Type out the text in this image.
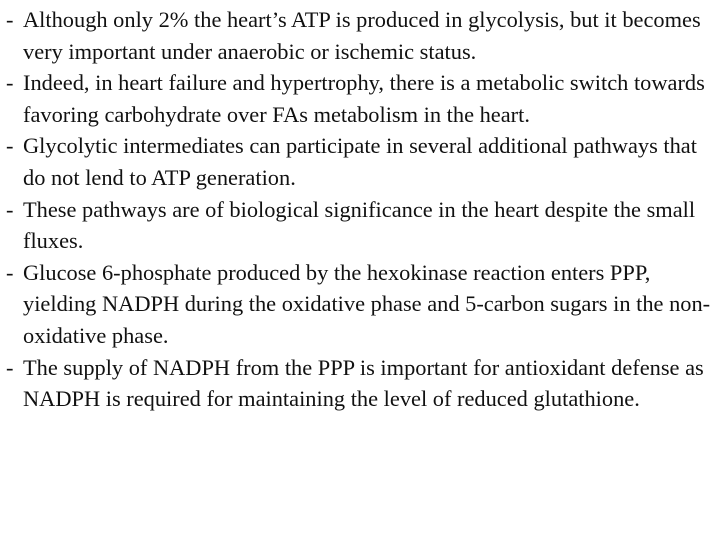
- Although only 2% the heart’s ATP is produced in glycolysis, but it becomes very important under anaerobic or ischemic status.

- Indeed, in heart failure and hypertrophy, there is a metabolic switch towards favoring carbohydrate over FAs metabolism in the heart.

- Glycolytic intermediates can participate in several additional pathways that do not lend to ATP generation.

- These pathways are of biological significance in the heart despite the small fluxes.

- Glucose 6-phosphate produced by the hexokinase reaction enters PPP, yielding NADPH during the oxidative phase and 5-carbon sugars in the non-oxidative phase.

- The supply of NADPH from the PPP is important for antioxidant defense as NADPH is required for maintaining the level of reduced glutathione.
